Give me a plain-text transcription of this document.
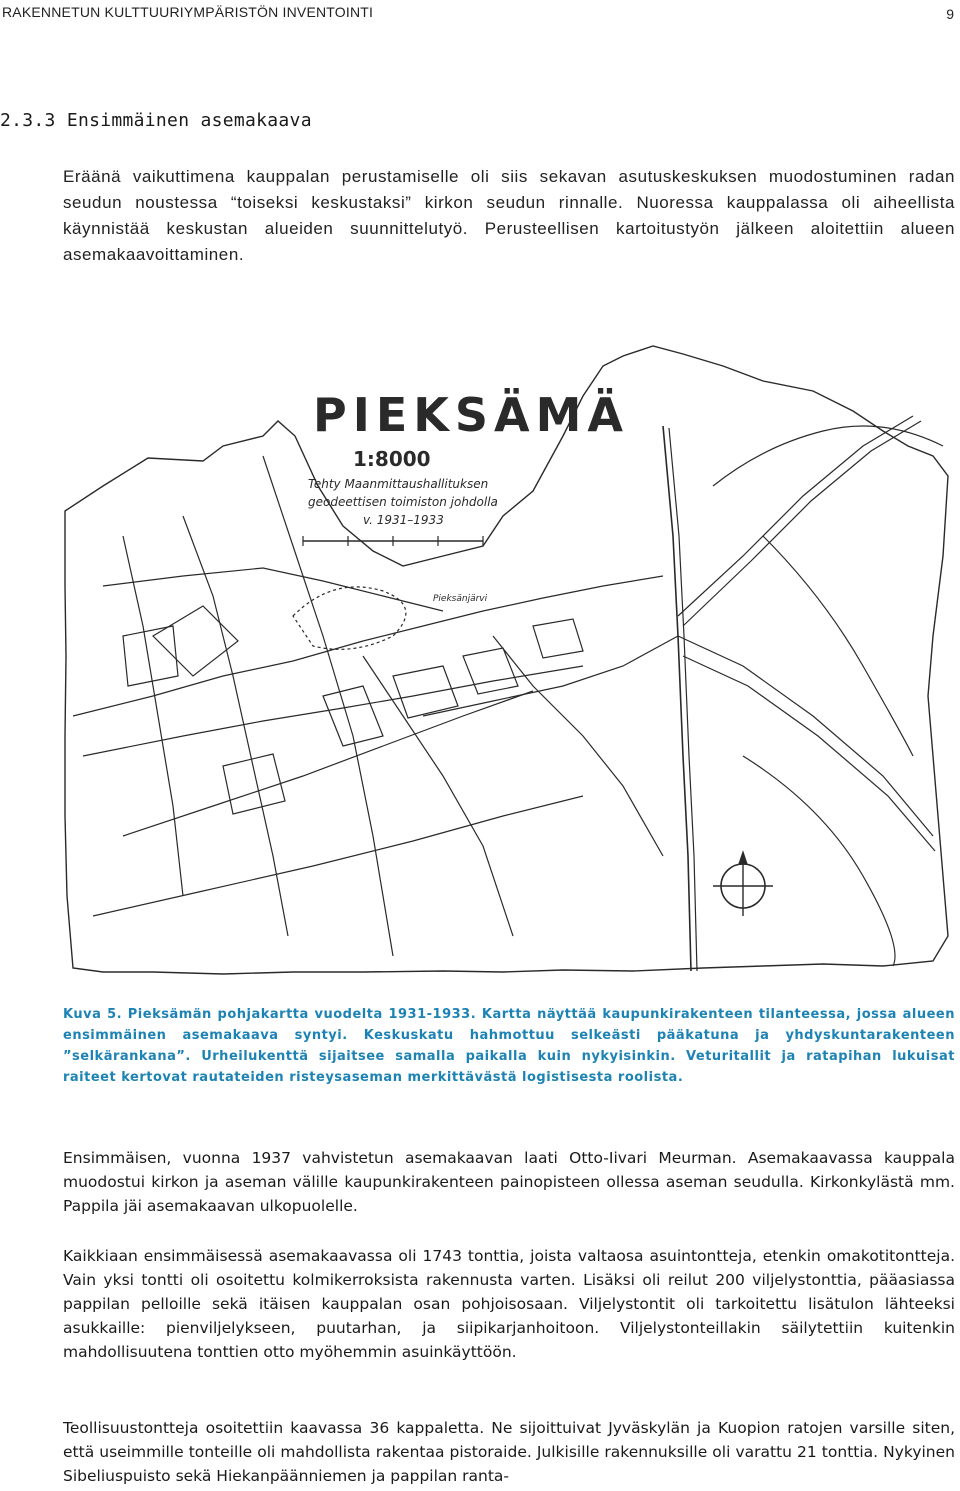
RAKENNETUN KULTTUURIYMPÄRISTÖN INVENTOINTI	9
2.3.3 Ensimmäinen asemakaava
Eräänä vaikuttimena kauppalan perustamiselle oli siis sekavan asutuskeskuksen muodostuminen radan seudun noustessa “toiseksi keskustaksi” kirkon seudun rinnalle. Nuoressa kauppalassa oli aiheellista käynnistää keskustan alueiden suunnittelutyö. Perusteellisen kartoitustyön jälkeen aloitettiin alueen asemakaavoittaminen.
PIEKSÄMÄ
1:8000
Tehty Maanmittaushallituksen
geodeettisen toimiston johdolla
v. 1931–1933
Pieksänjärvi
Kuva 5. Pieksämän pohjakartta vuodelta 1931-1933. Kartta näyttää kaupunkirakenteen tilanteessa, jossa alueen ensimmäinen asemakaava syntyi. Keskuskatu hahmottuu selkeästi pääkatuna ja yhdyskuntarakenteen ”selkärankana”. Urheilukenttä sijaitsee samalla paikalla kuin nykyisinkin. Veturitallit ja ratapihan lukuisat raiteet kertovat rautateiden risteysaseman merkittävästä logistisesta roolista.
Ensimmäisen, vuonna 1937 vahvistetun asemakaavan laati Otto-Iivari Meurman. Asemakaavassa kauppala muodostui kirkon ja aseman välille kaupunkirakenteen painopisteen ollessa aseman seudulla. Kirkonkylästä mm. Pappila jäi asemakaavan ulkopuolelle.
Kaikkiaan ensimmäisessä asemakaavassa oli 1743 tonttia, joista valtaosa asuintontteja, etenkin omakotitontteja. Vain yksi tontti oli osoitettu kolmikerroksista rakennusta varten. Lisäksi oli reilut 200 viljelystonttia, pääasiassa pappilan pelloille sekä itäisen kauppalan osan pohjoisosaan. Viljelystontit oli tarkoitettu lisätulon lähteeksi asukkaille: pienviljelykseen, puutarhan, ja siipikarjanhoitoon. Viljelystonteillakin säilytettiin kuitenkin mahdollisuutena tonttien otto myöhemmin asuinkäyttöön.
Teollisuustontteja osoitettiin kaavassa 36 kappaletta. Ne sijoittuivat Jyväskylän ja Kuopion ratojen varsille siten, että useimmille tonteille oli mahdollista rakentaa pistoraide. Julkisille rakennuksille oli varattu 21 tonttia. Nykyinen Sibeliuspuisto sekä Hiekanpäänniemen ja pappilan ranta-
